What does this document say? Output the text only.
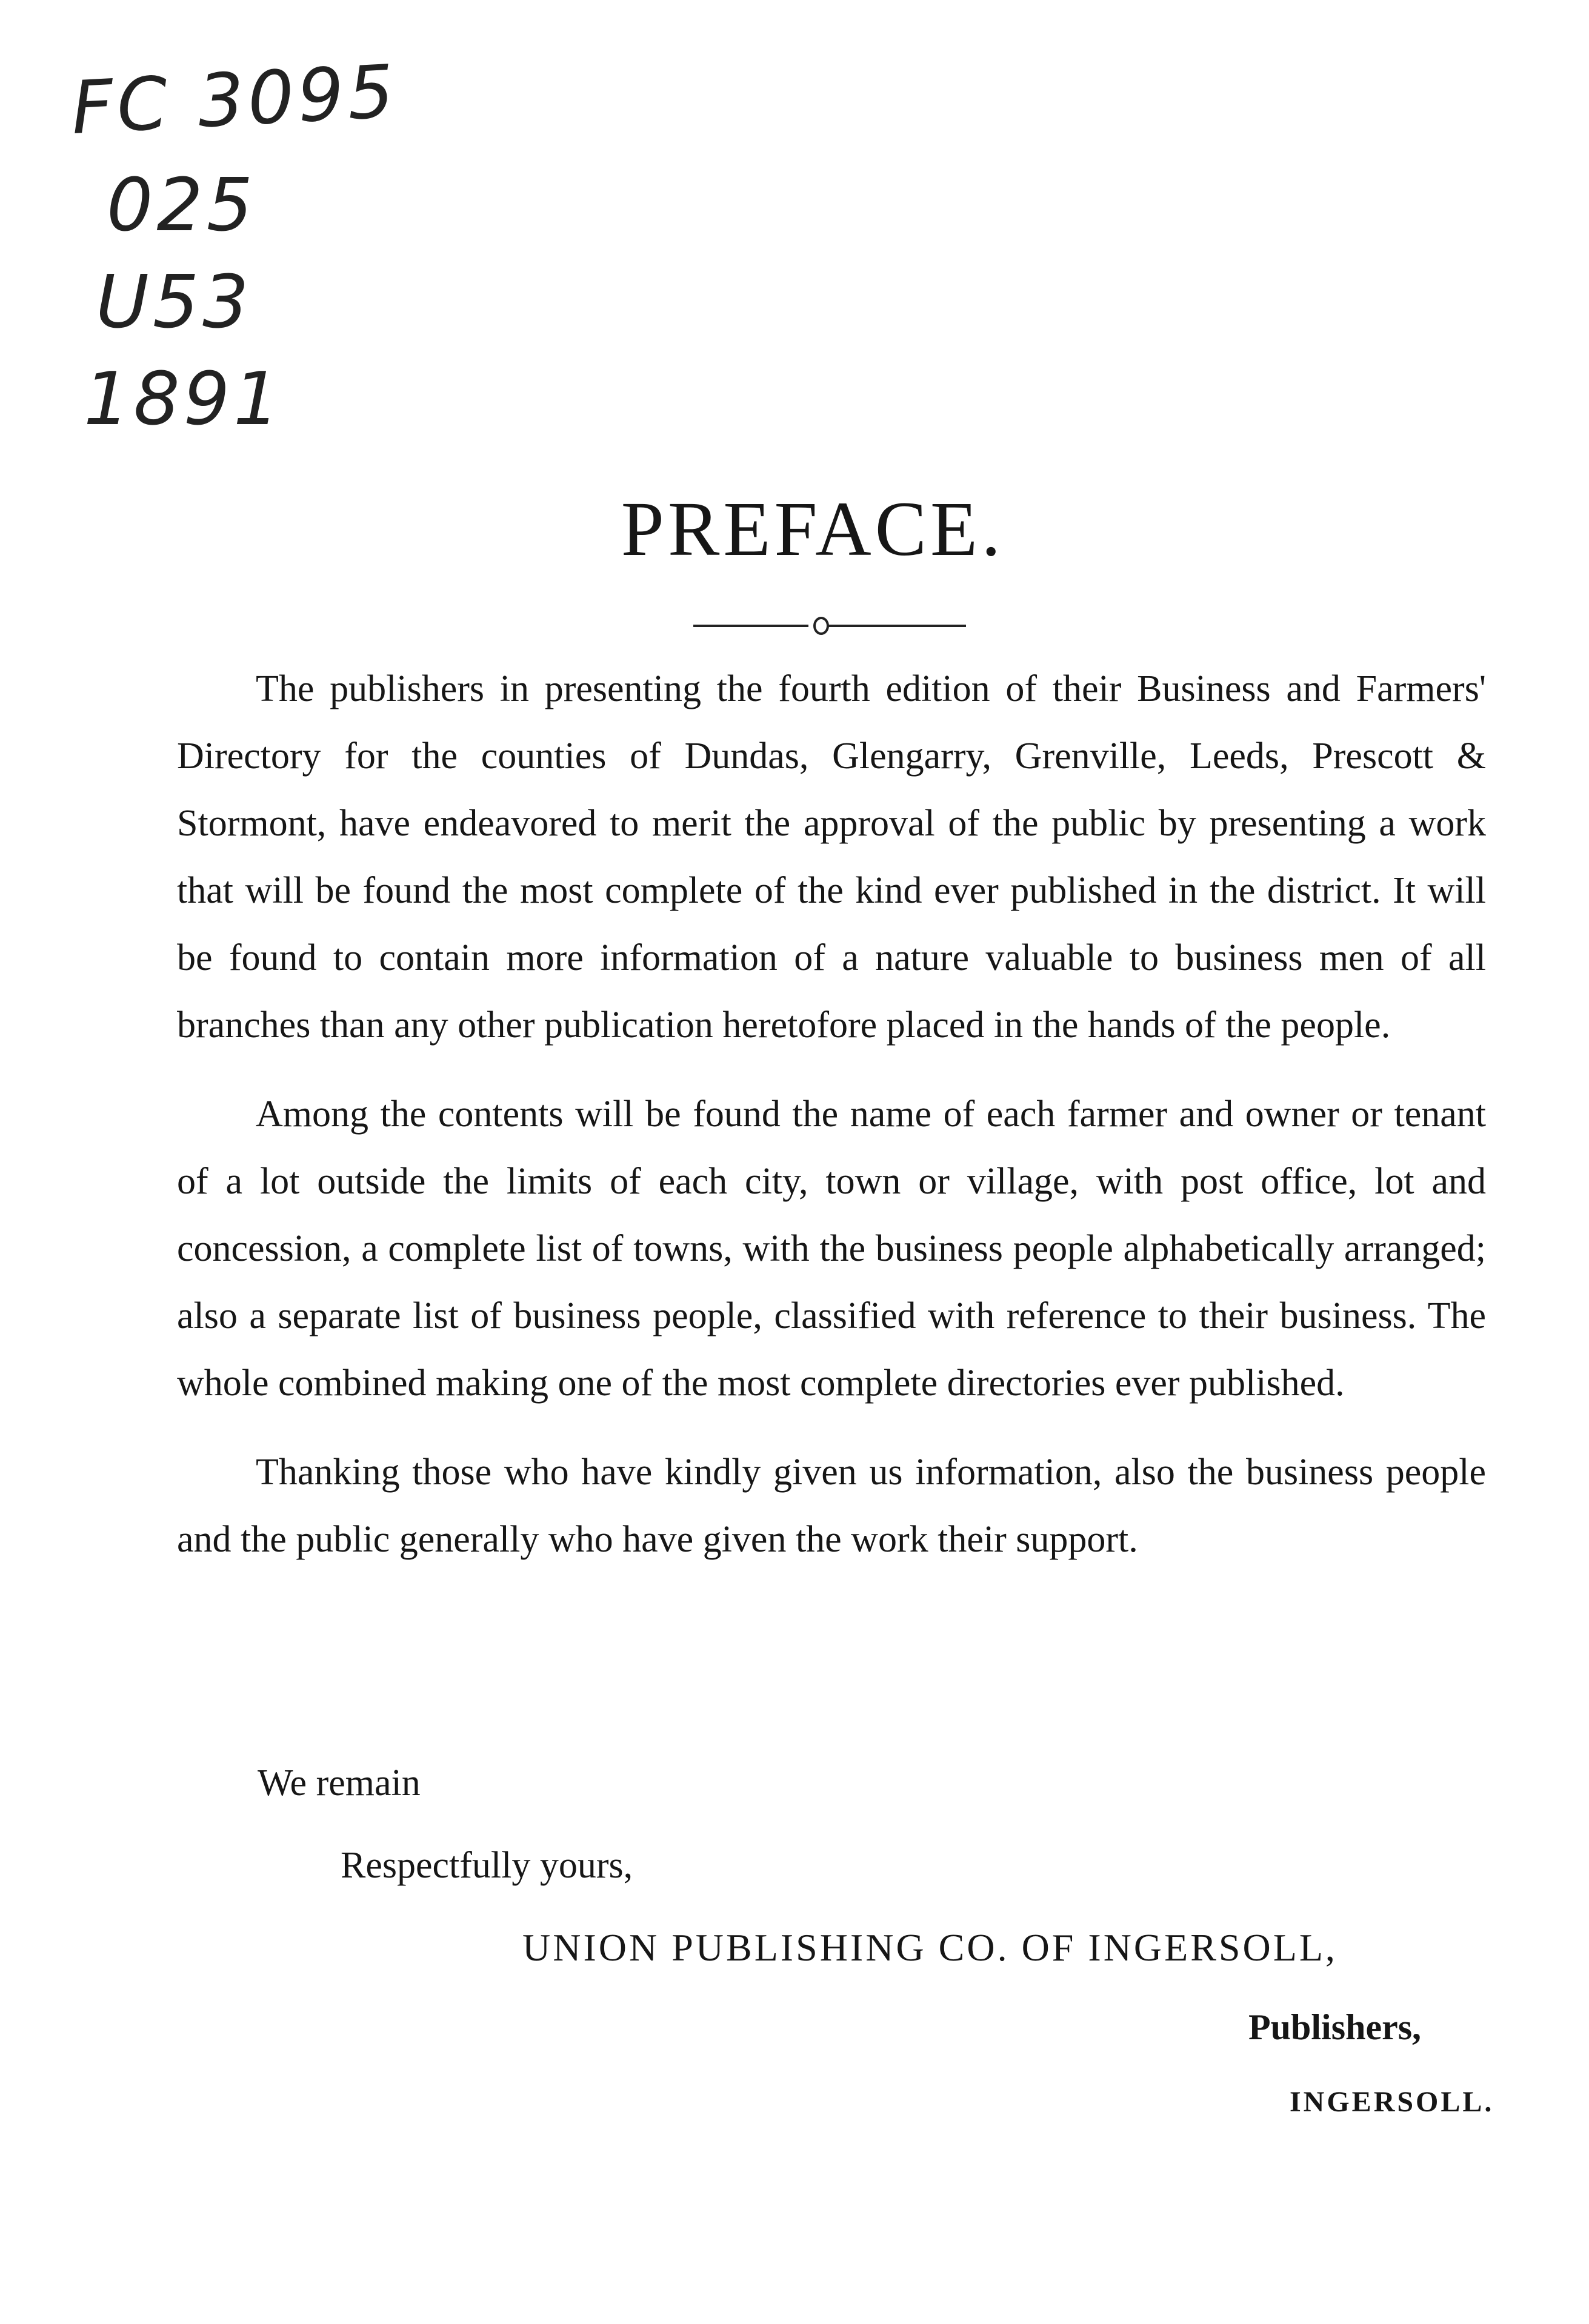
FC 3095
025
U53
1891
PREFACE.

The publishers in presenting the fourth edition of their Business and Farmers' Directory for the counties of Dundas, Glengarry, Grenville, Leeds, Prescott & Stormont, have endeavored to merit the approval of the public by presenting a work that will be found the most complete of the kind ever published in the district. It will be found to contain more information of a nature valuable to business men of all branches than any other publication heretofore placed in the hands of the people.

Among the contents will be found the name of each farmer and owner or tenant of a lot outside the limits of each city, town or village, with post office, lot and concession, a complete list of towns, with the business people alphabetically arranged; also a separate list of business people, classified with reference to their business. The whole combined making one of the most complete directories ever published.

Thanking those who have kindly given us information, also the business people and the public generally who have given the work their support.

We remain
Respectfully yours,
UNION PUBLISHING CO. OF INGERSOLL,
Publishers,
INGERSOLL.
